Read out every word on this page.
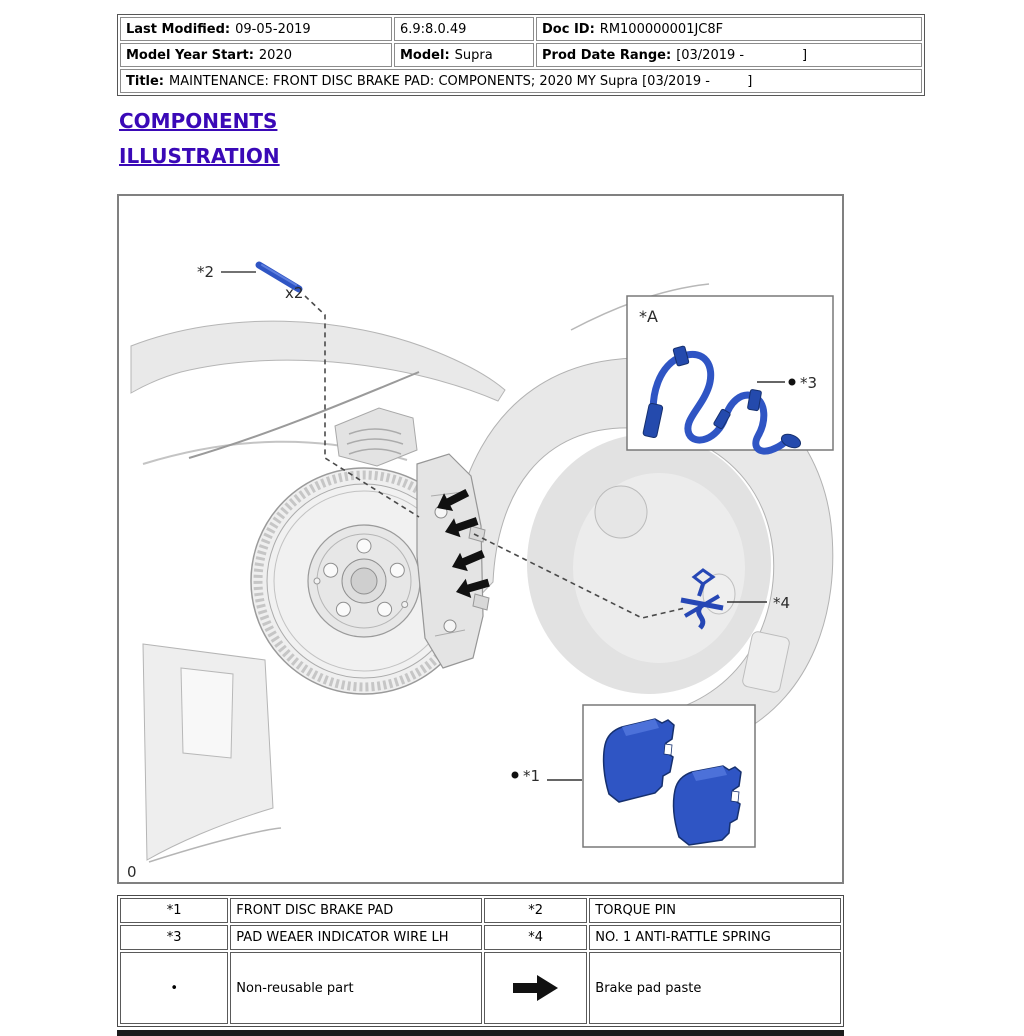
Last Modified: 09-05-2019	6.9:8.0.49	Doc ID: RM100000001JC8F
Model Year Start: 2020	Model: Supra	Prod Date Range: [03/2019 -              ]
Title: MAINTENANCE: FRONT DISC BRAKE PAD: COMPONENTS; 2020 MY Supra [03/2019 -         ]		
COMPONENTS
ILLUSTRATION
*2
x2
*A
*3
*4
*1
0
*1	FRONT DISC BRAKE PAD	*2	TORQUE PIN
*3	PAD WEAER INDICATOR WIRE LH	*4	NO. 1 ANTI-RATTLE SPRING
•	Non-reusable part		Brake pad paste
